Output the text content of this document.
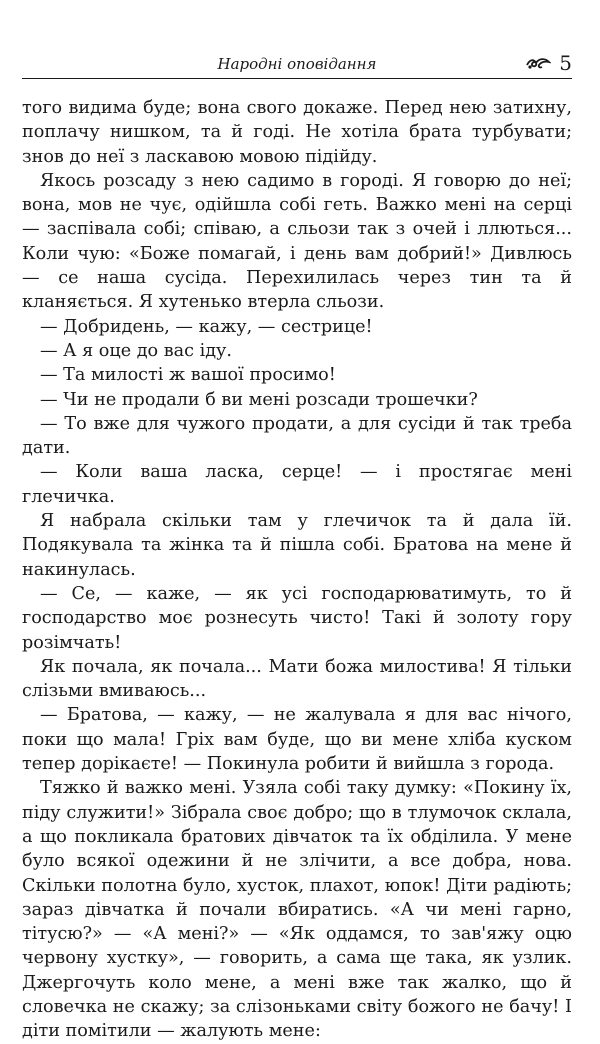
Народні оповідання	5

того видима буде; вона свого докаже. Перед нею затихну, поплачу нишком, та й годі. Не хотіла брата турбувати; знов до неї з ласкавою мовою підійду.

Якось розсаду з нею садимо в городі. Я говорю до неї; вона, мов не чує, одійшла собі геть. Важко мені на серці — заспівала собі; співаю, а сльози так з очей і ллються... Коли чую: «Боже помагай, і день вам добрий!» Дивлюсь — се наша сусіда. Перехилилась через тин та й кланяється. Я хутенько втерла сльози.

— Добридень, — кажу, — сестрице!

— А я оце до вас іду.

— Та милості ж вашої просимо!

— Чи не продали б ви мені розсади трошечки?

— То вже для чужого продати, а для сусіди й так треба дати.

— Коли ваша ласка, серце! — і простягає мені глечичка.

Я набрала скільки там у глечичок та й дала їй. Подякувала та жінка та й пішла собі. Братова на мене й накинулась.

— Се, — каже, — як усі господарюватимуть, то й господарство моє рознесуть чисто! Такі й золоту гору розімчать!

Як почала, як почала... Мати божа милостива! Я тільки слізьми вмиваюсь...

— Братова, — кажу, — не жалувала я для вас нічого, поки що мала! Гріх вам буде, що ви мене хліба куском тепер дорікаєте! — Покинула робити й вийшла з города.

Тяжко й важко мені. Узяла собі таку думку: «Покину їх, піду служити!» Зібрала своє добро; що в тлумочок склала, а що покликала братових дівчаток та їх обділила. У мене було всякої одежини й не злічити, а все добра, нова. Скільки полотна було, хусток, плахот, юпок! Діти радіють; зараз дівчатка й почали вбиратись. «А чи мені гарно, тітусю?» — «А мені?» — «Як оддамся, то зав'яжу оцю червону хустку», — говорить, а сама ще така, як узлик. Джергочуть коло мене, а мені вже так жалко, що й словечка не скажу; за слізоньками світу божого не бачу! І діти помітили — жалують мене:
